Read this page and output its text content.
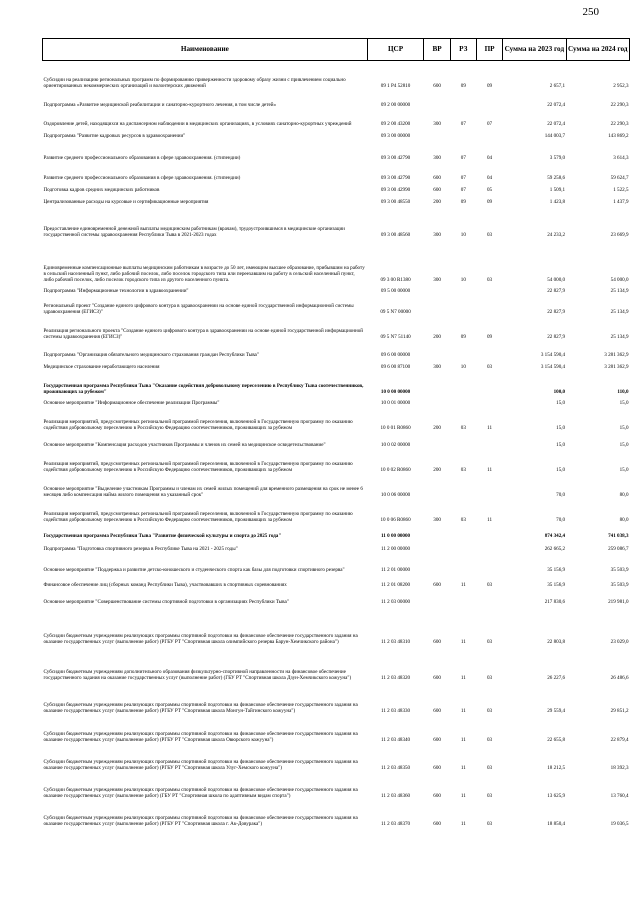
250
Наименование	ЦСР	ВР	РЗ	ПР	Сумма на 2023 год	Сумма на 2024 год
Субсидии на реализацию региональных программ по формированию приверженности здоровому образу жизни с привлечением социально ориентированных некоммерческих организаций и волонтерских движений	09 1 Р4 52810	600	09	09	2 657,1	2 952,3
Подпрограмма «Развитие медицинской реабилитации и санаторно-курортного лечения, в том числе детей»	09 2 00 00000				22 072,4	22 290,3
Оздоровление детей, находящихся на диспансерном наблюдении в медицинских организациях, в условиях санаторно-курортных учреждений	09 2 00 43200	300	07	07	22 072,4	22 290,3
Подпрограмма "Развитие кадровых ресурсов в здравоохранении"	09 3 00 00000				144 003,7	143 869,2
Развитие среднего профессионального образования в сфере здравоохранения. (стипендии)	09 3 00 42790	300	07	04	3 579,0	3 614,3
Развитие среднего профессионального образования в сфере здравоохранения. (стипендии)	09 3 00 42790	600	07	04	59 258,6	59 624,7
Подготовка кадров средних медицинских работников	09 3 00 42990	600	07	05	1 509,1	1 522,5
Централизованные расходы на курсовые и сертификационные мероприятия	09 3 00 48550	200	09	09	1 423,8	1 437,9
Предоставление единовременной денежной выплаты медицинским работникам (врачам), трудоустроившимся в медицинские организации государственной системы здравоохранения Республики Тыва в 2021-2023 годах	09 3 00 48560	300	10	03	24 233,2	23 669,9
Единовременные компенсационные выплаты медицинским работникам в возрасте до 50 лет, имеющим высшее образование, прибывшим на работу в сельский населенный пункт, либо рабочий поселок, либо поселок городского типа или переехавшим на работу в сельский населенный пункт, либо рабочий поселок, либо поселок городского типа из другого населенного пункта.	09 3 00 R1380	300	10	03	54 000,0	54 000,0
Подпрограмма "Информационные технологии в здравоохранении"	09 5 00 00000				22 827,9	25 134,9
Региональный проект "Создание единого цифрового контура в здравоохранении на основе единой государственной информационной системы здравоохранения (ЕГИСЗ)"	09 5 N7 00000				22 827,9	25 134,9
Реализация регионального проекта "Создание единого цифрового контура в здравоохранении на основе единой государственной информационной системы здравоохранения (ЕГИСЗ)"	09 5 N7 51140	200	09	09	22 827,9	25 134,9
Подпрограмма "Организация обязательного медицинского страхования граждан Республики Тыва"	09 6 00 00000				3 154 590,4	3 281 362,9
Медицинское страхование неработающего населения	09 6 00 87100	300	10	03	3 154 590,4	3 281 362,9
Государственная программа Республики Тыва "Оказание содействия добровольному переселению в Республику Тыва соотечественников, проживающих за рубежом"	10 0 00 00000				100,0	110,0
Основное мероприятие "Информационное обеспечение реализации Программы"	10 0 01 00000				15,0	15,0
Реализация мероприятий, предусмотренных региональной программой переселения, включенной в Государственную программу по оказанию содействия добровольному переселению в Российскую Федерацию соотечественников, проживающих за рубежом	10 0 01 R0860	200	03	11	15,0	15,0
Основное мероприятие "Компенсация расходов участников Программы и членов их семей на медицинское освидетельствование"	10 0 02 00000				15,0	15,0
Реализация мероприятий, предусмотренных региональной программой переселения, включенной в Государственную программу по оказанию содействия добровольному переселению в Российскую Федерацию соотечественников, проживающих за рубежом	10 0 02 R0860	200	03	11	15,0	15,0
Основное мероприятие "Выделение участникам Программы и членам их семей жилых помещений для временного размещения на срок не менее 6 месяцев либо компенсация найма жилого помещения на указанный срок"	10 0 06 00000				70,0	80,0
Реализация мероприятий, предусмотренных региональной программой переселения, включенной в Государственную программу по оказанию содействия добровольному переселению в Российскую Федерацию соотечественников, проживающих за рубежом	10 0 06 R0860	300	03	11	70,0	80,0
Государственная программа Республики Тыва "Развитие физической культуры и спорта до 2025 года"	11 0 00 00000				874 342,4	741 038,3
Подпрограмма "Подготовка спортивного резерва в Республике Тыва на 2021 - 2025 годы"	11 2 00 00000				262 665,2	259 086,7
Основное мероприятие "Поддержка и развитие детско-юношеского и студенческого спорта как базы для подготовки спортивного резерва"	11 2 01 00000				35 156,9	35 503,9
Финансовое обеспечение лиц (сборных команд Республики Тыва), участвовавших в спортивных соревнованиях	11 2 01 08200	600	11	03	35 156,9	35 503,9
Основное мероприятие "Совершенствование системы спортивной подготовки в организациях Республики Тыва"	11 2 03 00000				217 830,6	219 981,0
Субсидии бюджетным учреждениям реализующих программы спортивной подготовки на финансовое обеспечение государственного задания на оказание государственных услуг (выполнение работ) (РГБУ РТ "Спортивная школа олимпийского резерва Барун-Хемчикского района")	11 2 03 48310	600	11	03	22 803,8	23 029,0
Субсидии бюджетным учреждениям дополнительного образования физкультурно-спортивной направленности на финансовое обеспечение государственного задания на оказание государственных услуг (выполнение работ) (ГБУ РТ "Спортивная школа Дзун-Хемчикского кожууна")	11 2 03 48320	600	11	03	26 227,6	26 486,6
Субсидии бюджетным учреждениям реализующих программы спортивной подготовки на финансовое обеспечение государственного задания на оказание государственных услуг (выполнение работ) (РГБУ РТ "Спортивная школа Монгун-Тайгинского кожууна")	11 2 03 48330	600	11	03	29 559,4	29 851,2
Субсидии бюджетным учреждениям реализующих программы спортивной подготовки на финансовое обеспечение государственного задания на оказание государственных услуг (выполнение работ) (РГБУ РТ "Спортивная школа Овюрского кожууна")	11 2 03 48340	600	11	03	22 655,8	22 879,4
Субсидии бюджетным учреждениям реализующих программы спортивной подготовки на финансовое обеспечение государственного задания на оказание государственных услуг (выполнение работ) (РГБУ РТ "Спортивная школа Улуг-Хемского кожууна")	11 2 03 48350	600	11	03	18 212,5	18 392,3
Субсидии бюджетным учреждениям реализующих программы спортивной подготовки на финансовое обеспечение государственного задания на оказание государственных услуг (выполнение работ) (ГБУ РТ "Спортивная школа по адаптивным видам спорта")	11 2 03 48360	600	11	03	13 625,9	13 760,4
Субсидии бюджетным учреждениям реализующих программы спортивной подготовки на финансовое обеспечение государственного задания на оказание государственных услуг (выполнение работ) (РГБУ РТ "Спортивная школа г. Ак-Довурака")	11 2 03 48370	600	11	03	18 850,4	19 036,5
